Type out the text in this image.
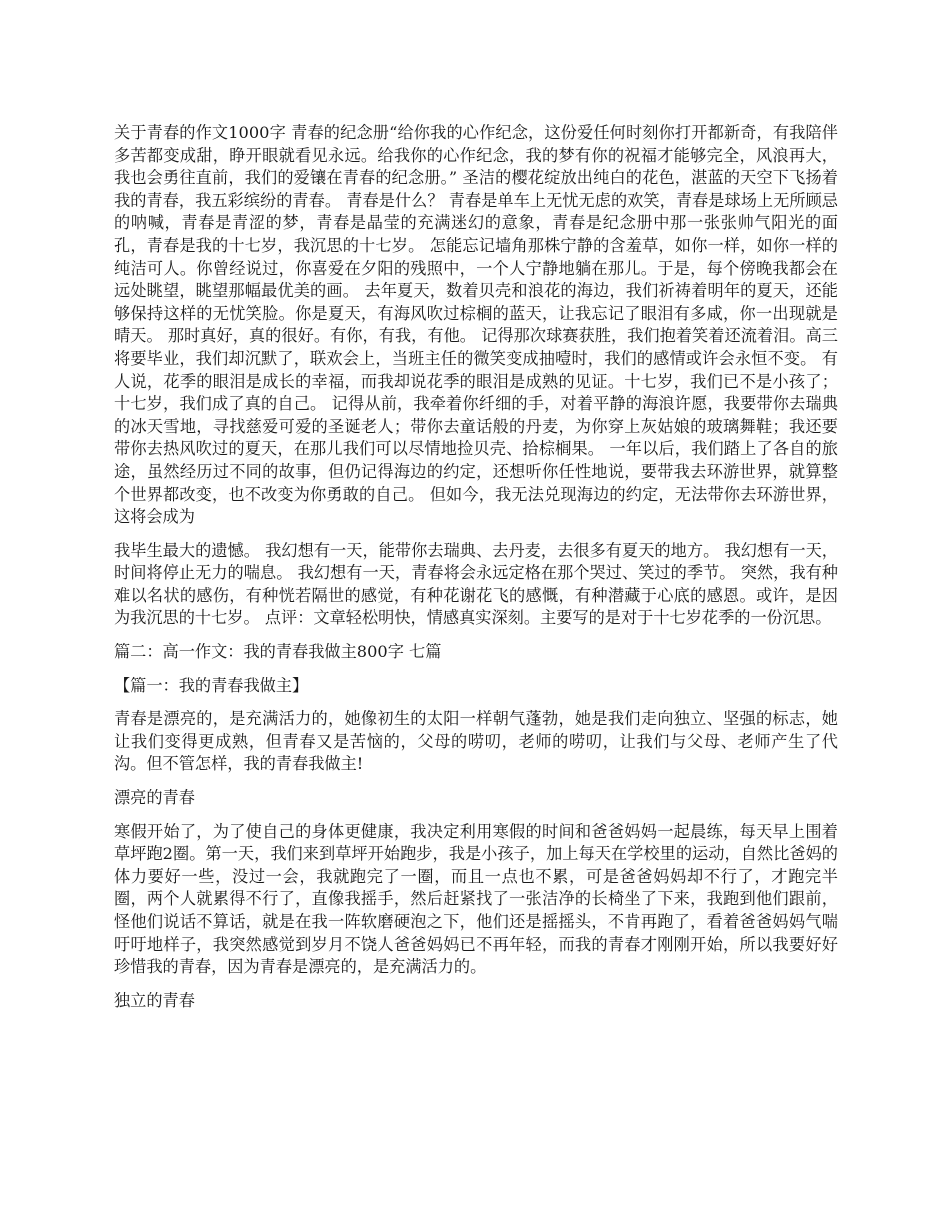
关于青春的作文1000字 青春的纪念册“给你我的心作纪念，这份爱任何时刻你打开都新奇，有我陪伴多苦都变成甜，睁开眼就看见永远。给我你的心作纪念，我的梦有你的祝福才能够完全，风浪再大，我也会勇往直前，我们的爱镶在青春的纪念册。” 圣洁的樱花绽放出纯白的花色，湛蓝的天空下飞扬着我的青春，我五彩缤纷的青春。 青春是什么？ 青春是单车上无忧无虑的欢笑，青春是球场上无所顾忌的呐喊，青春是青涩的梦，青春是晶莹的充满迷幻的意象，青春是纪念册中那一张张帅气阳光的面孔，青春是我的十七岁，我沉思的十七岁。 怎能忘记墙角那株宁静的含羞草，如你一样，如你一样的纯洁可人。你曾经说过，你喜爱在夕阳的残照中，一个人宁静地躺在那儿。于是，每个傍晚我都会在远处眺望，眺望那幅最优美的画。 去年夏天，数着贝壳和浪花的海边，我们祈祷着明年的夏天，还能够保持这样的无忧笑脸。你是夏天，有海风吹过棕榈的蓝天，让我忘记了眼泪有多咸，你一出现就是晴天。 那时真好，真的很好。有你，有我，有他。 记得那次球赛获胜，我们抱着笑着还流着泪。高三将要毕业，我们却沉默了，联欢会上，当班主任的微笑变成抽噎时，我们的感情或许会永恒不变。 有人说，花季的眼泪是成长的幸福，而我却说花季的眼泪是成熟的见证。十七岁，我们已不是小孩了；十七岁，我们成了真的自己。 记得从前，我牵着你纤细的手，对着平静的海浪许愿，我要带你去瑞典的冰天雪地，寻找慈爱可爱的圣诞老人；带你去童话般的丹麦，为你穿上灰姑娘的玻璃舞鞋；我还要带你去热风吹过的夏天，在那儿我们可以尽情地捡贝壳、拾棕榈果。 一年以后，我们踏上了各自的旅途，虽然经历过不同的故事，但仍记得海边的约定，还想听你任性地说，要带我去环游世界，就算整个世界都改变，也不改变为你勇敢的自己。 但如今，我无法兑现海边的约定，无法带你去环游世界，这将会成为

我毕生最大的遗憾。 我幻想有一天，能带你去瑞典、去丹麦，去很多有夏天的地方。 我幻想有一天，时间将停止无力的喘息。 我幻想有一天，青春将会永远定格在那个哭过、笑过的季节。 突然，我有种难以名状的感伤，有种恍若隔世的感觉，有种花谢花飞的感慨，有种潜藏于心底的感恩。或许，是因为我沉思的十七岁。 点评：文章轻松明快，情感真实深刻。主要写的是对于十七岁花季的一份沉思。

篇二：高一作文：我的青春我做主800字 七篇

【篇一：我的青春我做主】

青春是漂亮的，是充满活力的，她像初生的太阳一样朝气蓬勃，她是我们走向独立、坚强的标志，她让我们变得更成熟，但青春又是苦恼的，父母的唠叨，老师的唠叨，让我们与父母、老师产生了代沟。但不管怎样，我的青春我做主!

漂亮的青春

寒假开始了，为了使自己的身体更健康，我决定利用寒假的时间和爸爸妈妈一起晨练，每天早上围着草坪跑2圈。第一天，我们来到草坪开始跑步，我是小孩子，加上每天在学校里的运动，自然比爸妈的体力要好一些，没过一会，我就跑完了一圈，而且一点也不累，可是爸爸妈妈却不行了，才跑完半圈，两个人就累得不行了，直像我摇手，然后赶紧找了一张洁净的长椅坐了下来，我跑到他们跟前，怪他们说话不算话，就是在我一阵软磨硬泡之下，他们还是摇摇头，不肯再跑了，看着爸爸妈妈气喘吁吁地样子，我突然感觉到岁月不饶人爸爸妈妈已不再年轻，而我的青春才刚刚开始，所以我要好好珍惜我的青春，因为青春是漂亮的，是充满活力的。

独立的青春
